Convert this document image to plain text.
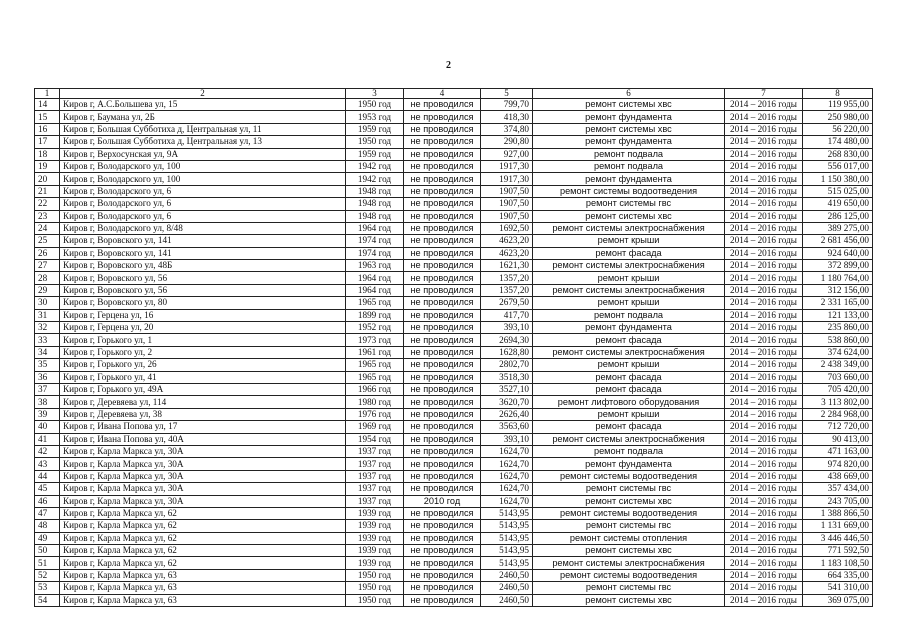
2
1	2	3	4	5	6	7	8
14	Киров г, А.С.Большева ул, 15	1950 год	не проводился	799,70	ремонт системы хвс	2014 – 2016 годы	119 955,00
15	Киров г, Баумана ул, 2Б	1953 год	не проводился	418,30	ремонт фундамента	2014 – 2016 годы	250 980,00
16	Киров г, Большая Субботиха д, Центральная ул, 11	1959 год	не проводился	374,80	ремонт системы хвс	2014 – 2016 годы	56 220,00
17	Киров г, Большая Субботиха д, Центральная ул, 13	1950 год	не проводился	290,80	ремонт фундамента	2014 – 2016 годы	174 480,00
18	Киров г, Верхосунская ул, 9А	1959 год	не проводился	927,00	ремонт подвала	2014 – 2016 годы	268 830,00
19	Киров г, Володарского ул, 100	1942 год	не проводился	1917,30	ремонт подвала	2014 – 2016 годы	556 017,00
20	Киров г, Володарского ул, 100	1942 год	не проводился	1917,30	ремонт фундамента	2014 – 2016 годы	1 150 380,00
21	Киров г, Володарского ул, 6	1948 год	не проводился	1907,50	ремонт системы водоотведения	2014 – 2016 годы	515 025,00
22	Киров г, Володарского ул, 6	1948 год	не проводился	1907,50	ремонт системы гвс	2014 – 2016 годы	419 650,00
23	Киров г, Володарского ул, 6	1948 год	не проводился	1907,50	ремонт системы хвс	2014 – 2016 годы	286 125,00
24	Киров г, Володарского ул, 8/48	1964 год	не проводился	1692,50	ремонт системы электроснабжения	2014 – 2016 годы	389 275,00
25	Киров г, Воровского ул, 141	1974 год	не проводился	4623,20	ремонт крыши	2014 – 2016 годы	2 681 456,00
26	Киров г, Воровского ул, 141	1974 год	не проводился	4623,20	ремонт фасада	2014 – 2016 годы	924 640,00
27	Киров г, Воровского ул, 48Б	1963 год	не проводился	1621,30	ремонт системы электроснабжения	2014 – 2016 годы	372 899,00
28	Киров г, Воровского ул, 56	1964 год	не проводился	1357,20	ремонт крыши	2014 – 2016 годы	1 180 764,00
29	Киров г, Воровского ул, 56	1964 год	не проводился	1357,20	ремонт системы электроснабжения	2014 – 2016 годы	312 156,00
30	Киров г, Воровского ул, 80	1965 год	не проводился	2679,50	ремонт крыши	2014 – 2016 годы	2 331 165,00
31	Киров г, Герцена ул, 16	1899 год	не проводился	417,70	ремонт подвала	2014 – 2016 годы	121 133,00
32	Киров г, Герцена ул, 20	1952 год	не проводился	393,10	ремонт фундамента	2014 – 2016 годы	235 860,00
33	Киров г, Горького ул, 1	1973 год	не проводился	2694,30	ремонт фасада	2014 – 2016 годы	538 860,00
34	Киров г, Горького ул, 2	1961 год	не проводился	1628,80	ремонт системы электроснабжения	2014 – 2016 годы	374 624,00
35	Киров г, Горького ул, 26	1965 год	не проводился	2802,70	ремонт крыши	2014 – 2016 годы	2 438 349,00
36	Киров г, Горького ул, 41	1965 год	не проводился	3518,30	ремонт фасада	2014 – 2016 годы	703 660,00
37	Киров г, Горького ул, 49А	1966 год	не проводился	3527,10	ремонт фасада	2014 – 2016 годы	705 420,00
38	Киров г, Деревяева ул, 114	1980 год	не проводился	3620,70	ремонт лифтового оборудования	2014 – 2016 годы	3 113 802,00
39	Киров г, Деревяева ул, 38	1976 год	не проводился	2626,40	ремонт крыши	2014 – 2016 годы	2 284 968,00
40	Киров г, Ивана Попова ул, 17	1969 год	не проводился	3563,60	ремонт фасада	2014 – 2016 годы	712 720,00
41	Киров г, Ивана Попова ул, 40А	1954 год	не проводился	393,10	ремонт системы электроснабжения	2014 – 2016 годы	90 413,00
42	Киров г, Карла Маркса ул, 30А	1937 год	не проводился	1624,70	ремонт подвала	2014 – 2016 годы	471 163,00
43	Киров г, Карла Маркса ул, 30А	1937 год	не проводился	1624,70	ремонт фундамента	2014 – 2016 годы	974 820,00
44	Киров г, Карла Маркса ул, 30А	1937 год	не проводился	1624,70	ремонт системы водоотведения	2014 – 2016 годы	438 669,00
45	Киров г, Карла Маркса ул, 30А	1937 год	не проводился	1624,70	ремонт системы гвс	2014 – 2016 годы	357 434,00
46	Киров г, Карла Маркса ул, 30А	1937 год	2010 год	1624,70	ремонт системы хвс	2014 – 2016 годы	243 705,00
47	Киров г, Карла Маркса ул, 62	1939 год	не проводился	5143,95	ремонт системы водоотведения	2014 – 2016 годы	1 388 866,50
48	Киров г, Карла Маркса ул, 62	1939 год	не проводился	5143,95	ремонт системы гвс	2014 – 2016 годы	1 131 669,00
49	Киров г, Карла Маркса ул, 62	1939 год	не проводился	5143,95	ремонт системы отопления	2014 – 2016 годы	3 446 446,50
50	Киров г, Карла Маркса ул, 62	1939 год	не проводился	5143,95	ремонт системы хвс	2014 – 2016 годы	771 592,50
51	Киров г, Карла Маркса ул, 62	1939 год	не проводился	5143,95	ремонт системы электроснабжения	2014 – 2016 годы	1 183 108,50
52	Киров г, Карла Маркса ул, 63	1950 год	не проводился	2460,50	ремонт системы водоотведения	2014 – 2016 годы	664 335,00
53	Киров г, Карла Маркса ул, 63	1950 год	не проводился	2460,50	ремонт системы гвс	2014 – 2016 годы	541 310,00
54	Киров г, Карла Маркса ул, 63	1950 год	не проводился	2460,50	ремонт системы хвс	2014 – 2016 годы	369 075,00
